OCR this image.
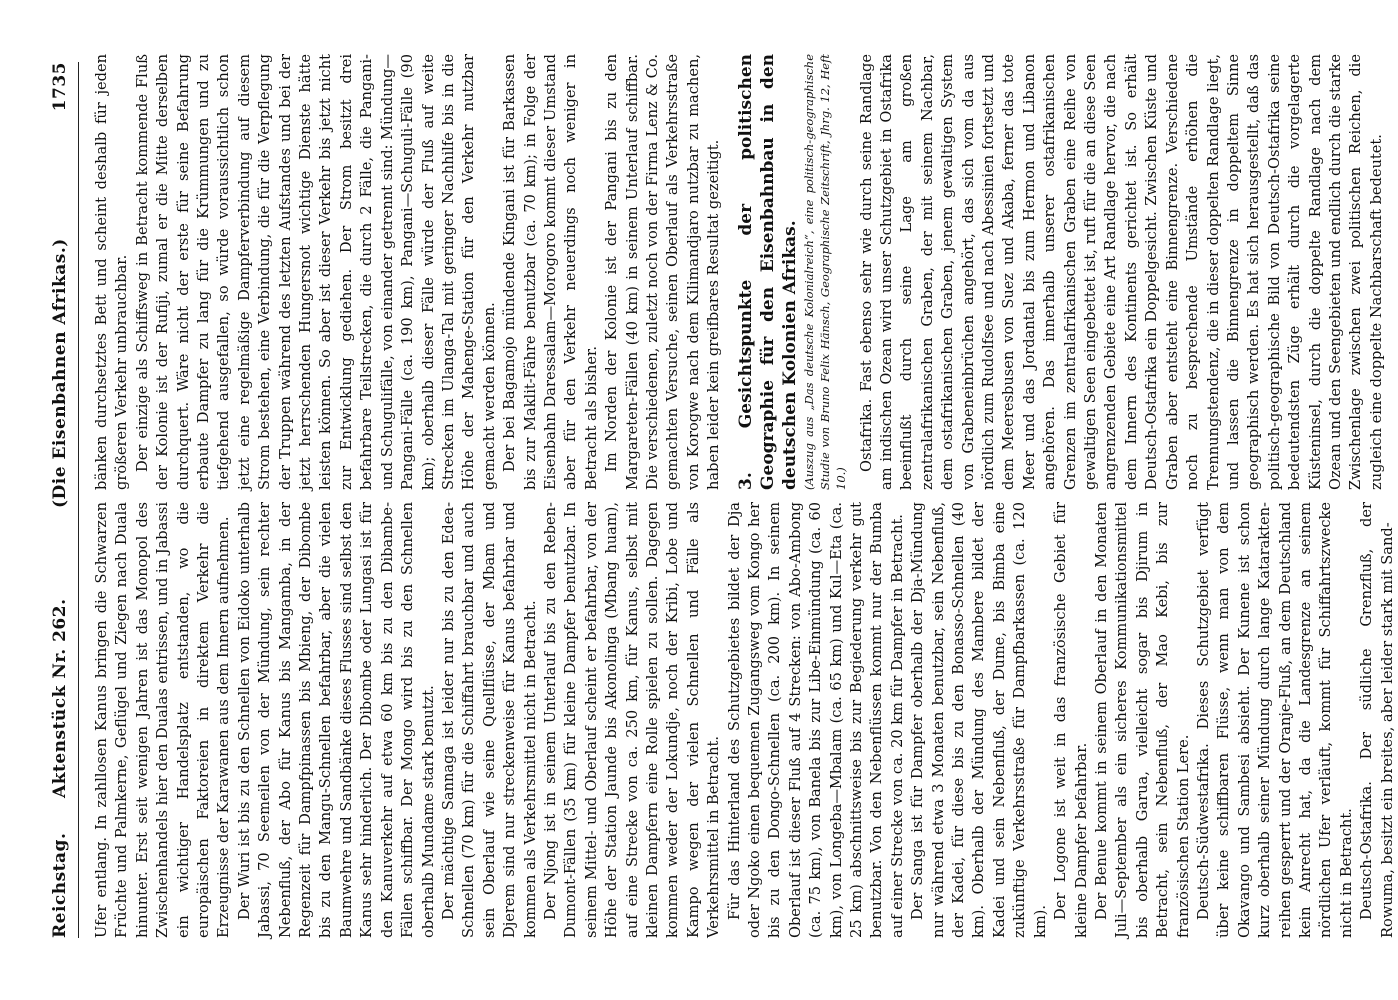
Reichstag.
Aktenstück Nr. 262.
(Die Eisenbahnen Afrikas.)
1735

Ufer entlang. In zahllosen Kanus bringen die Schwarzen Früchte und Palmkerne, Geflügel und Ziegen nach Duala hinunter. Erst seit wenigen Jahren ist das Monopol des Zwischenhandels hier den Dualas entrissen, und in Jabassi ein wichtiger Handelsplatz entstanden, wo die europäischen Faktoreien in direktem Verkehr die Erzeugnisse der Karawanen aus dem Innern aufnehmen. Der Wuri ist bis zu den Schnellen von Eidoko unterhalb Jabassi, 70 Seemeilen von der Mündung, sein rechter Nebenfluß, der Abo für Kanus bis Mangamba, in der Regenzeit für Dampfpinassen bis Mbieng, der Dibombe bis zu den Mangu-Schnellen befahrbar, aber die vielen Baumwehre und Sandbänke dieses Flusses sind selbst den Kanus sehr hinderlich. Der Dibombe oder Lungasi ist für den Kanuverkehr auf etwa 60 km bis zu den Dibambe-Fällen schiffbar. Der Mongo wird bis zu den Schnellen oberhalb Mundame stark benutzt. Der mächtige Sannaga ist leider nur bis zu den Edea-Schnellen (70 km) für die Schiffahrt brauchbar und auch sein Oberlauf wie seine Quellflüsse, der Mbam und Djerem sind nur streckenweise für Kanus befahrbar und kommen als Verkehrsmittel nicht in Betracht. Der Njong ist in seinem Unterlauf bis zu den Reben-Dumont-Fällen (35 km) für kleine Dampfer benutzbar. In seinem Mittel- und Oberlauf scheint er befahrbar, von der Höhe der Station Jaunde bis Akonolinga (Mbang huam), auf eine Strecke von ca. 250 km, für Kanus, selbst mit kleinen Dampfern eine Rolle spielen zu sollen. Dagegen kommen weder der Lokundje, noch der Kribi, Lobe und Kampo wegen der vielen Schnellen und Fälle als Verkehrsmittel in Betracht. Für das Hinterland des Schutzgebietes bildet der Dja oder Ngoko einen bequemen Zugangsweg vom Kongo her bis zu den Dongo-Schnellen (ca. 200 km). In seinem Oberlauf ist dieser Fluß auf 4 Strecken: von Abo-Ambong (ca. 75 km), von Banela bis zur Libe-Einmündung (ca. 60 km), von Longeba—Mbalam (ca. 65 km) und Kul—Eta (ca. 25 km) abschnittsweise bis zur Begiederung verkehr gut benutzbar. Von den Nebenflüssen kommt nur der Bumba auf einer Strecke von ca. 20 km für Dampfer in Betracht. Der Sanga ist für Dampfer oberhalb der Dja-Mündung nur während etwa 3 Monaten benutzbar, sein Nebenfluß, der Kadei, für diese bis zu den Bonasso-Schnellen (40 km). Oberhalb der Mündung des Mambere bildet der Kadei und sein Nebenfluß, der Dume, bis Bimba eine zukünftige Verkehrsstraße für Dampfbarkassen (ca. 120 km).

Der Logone ist weit in das französische Gebiet für kleine Dampfer befahrbar. Der Benue kommt in seinem Oberlauf in den Monaten Juli—September als ein sicheres Kommunikationsmittel bis oberhalb Garua, vielleicht sogar bis Djirum in Betracht, sein Nebenfluß, der Mao Kebi, bis zur französischen Station Lere. Deutsch-Südwestafrika. Dieses Schutzgebiet verfügt über keine schiffbaren Flüsse, wenn man von dem Okavango und Sambesi absieht. Der Kunene ist schon kurz oberhalb seiner Mündung durch lange Katarakten-reihen gesperrt und der Oranje-Fluß, an dem Deutschland kein Anrecht hat, da die Landesgrenze an seinem nördlichen Ufer verläuft, kommt für Schiffahrtszwecke nicht in Betracht. Deutsch-Ostafrika. Der südliche Grenzfluß, der Rowuma, besitzt ein breites, aber leider stark mit Sand-

bänken durchsetztes Bett und scheint deshalb für jeden größeren Verkehr unbrauchbar. Der einzige als Schiffsweg in Betracht kommende Fluß der Kolonie ist der Rufiji, zumal er die Mitte derselben durchquert. Wäre nicht der erste für seine Befahrung erbaute Dampfer zu lang für die Krümmungen und zu tiefgehend ausgefallen, so würde voraussichtlich schon jetzt eine regelmäßige Dampferverbindung auf diesem Strom bestehen, eine Verbindung, die für die Verpflegung der Truppen während des letzten Aufstandes und bei der jetzt herrschenden Hungersnot wichtige Dienste hätte leisten können. So aber ist dieser Verkehr bis jetzt nicht zur Entwicklung gediehen. Der Strom besitzt drei befahrbare Teilstrecken, die durch 2 Fälle, die Pangani- und Schugulifälle, von einander getrennt sind: Mündung—Pangani-Fälle (ca. 190 km), Pangani—Schuguli-Fälle (90 km); oberhalb dieser Fälle würde der Fluß auf weite Strecken im Ulanga-Tal mit geringer Nachhilfe bis in die Höhe der Mahenge-Station für den Verkehr nutzbar gemacht werden können. Der bei Bagamojo mündende Kingani ist für Barkassen bis zur Maklit-Fähre benutzbar (ca. 70 km); in Folge der Eisenbahn Daressalam—Morogoro kommt dieser Umstand aber für den Verkehr neuerdings noch weniger in Betracht als bisher. Im Norden der Kolonie ist der Pangani bis zu den Margareten-Fällen (40 km) in seinem Unterlauf schiffbar. Die verschiedenen, zuletzt noch von der Firma Lenz & Co. gemachten Versuche, seinen Oberlauf als Verkehrsstraße von Korogwe nach dem Kilimandjaro nutzbar zu machen, haben leider kein greifbares Resultat gezeitigt. 3. Gesichtspunkte der politischen Geographie für den Eisenbahnbau in den deutschen Kolonien Afrikas. (Auszug aus „Das deutsche Kolonialreich“, eine politisch-geographische Studie von Bruno Felix Hänsch, Geographische Zeitschrift, Jhrg. 12, Heft 10.)

Ostafrika. Fast ebenso sehr wie durch seine Randlage am indischen Ozean wird unser Schutzgebiet in Ostafrika beeinflußt durch seine Lage am großen zentralafrikanischen Graben, der mit seinem Nachbar, dem ostafrikanischen Graben, jenem gewaltigen System von Grabeneinbrüchen angehört, das sich vom da aus nördlich zum Rudolfsee und nach Abessinien fortsetzt und dem Meeresbusen von Suez und Akaba, ferner das tote Meer und das Jordantal bis zum Hermon und Libanon angehören. Das innerhalb unserer ostafrikanischen Grenzen im zentralafrikanischen Graben eine Reihe von gewaltigen Seen eingebettet ist, ruft für die an diese Seen angrenzenden Gebiete eine Art Randlage hervor, die nach dem Innern des Kontinents gerichtet ist. So erhält Deutsch-Ostafrika ein Doppelgesicht. Zwischen Küste und Graben aber entsteht eine Binnengrenze. Verschiedene noch zu besprechende Umstände erhöhen die Trennungstendenz, die in dieser doppelten Randlage liegt, und lassen die Binnengrenze in doppeltem Sinne geographisch werden. Es hat sich herausgestellt, daß das politisch-geographische Bild von Deutsch-Ostafrika seine bedeutendsten Züge erhält durch die vorgelagerte Küsteninsel, durch die doppelte Randlage nach dem Ozean und den Seengebieten und endlich durch die starke Zwischenlage zwischen zwei politischen Reichen, die zugleich eine doppelte Nachbarschaft bedeutet.
